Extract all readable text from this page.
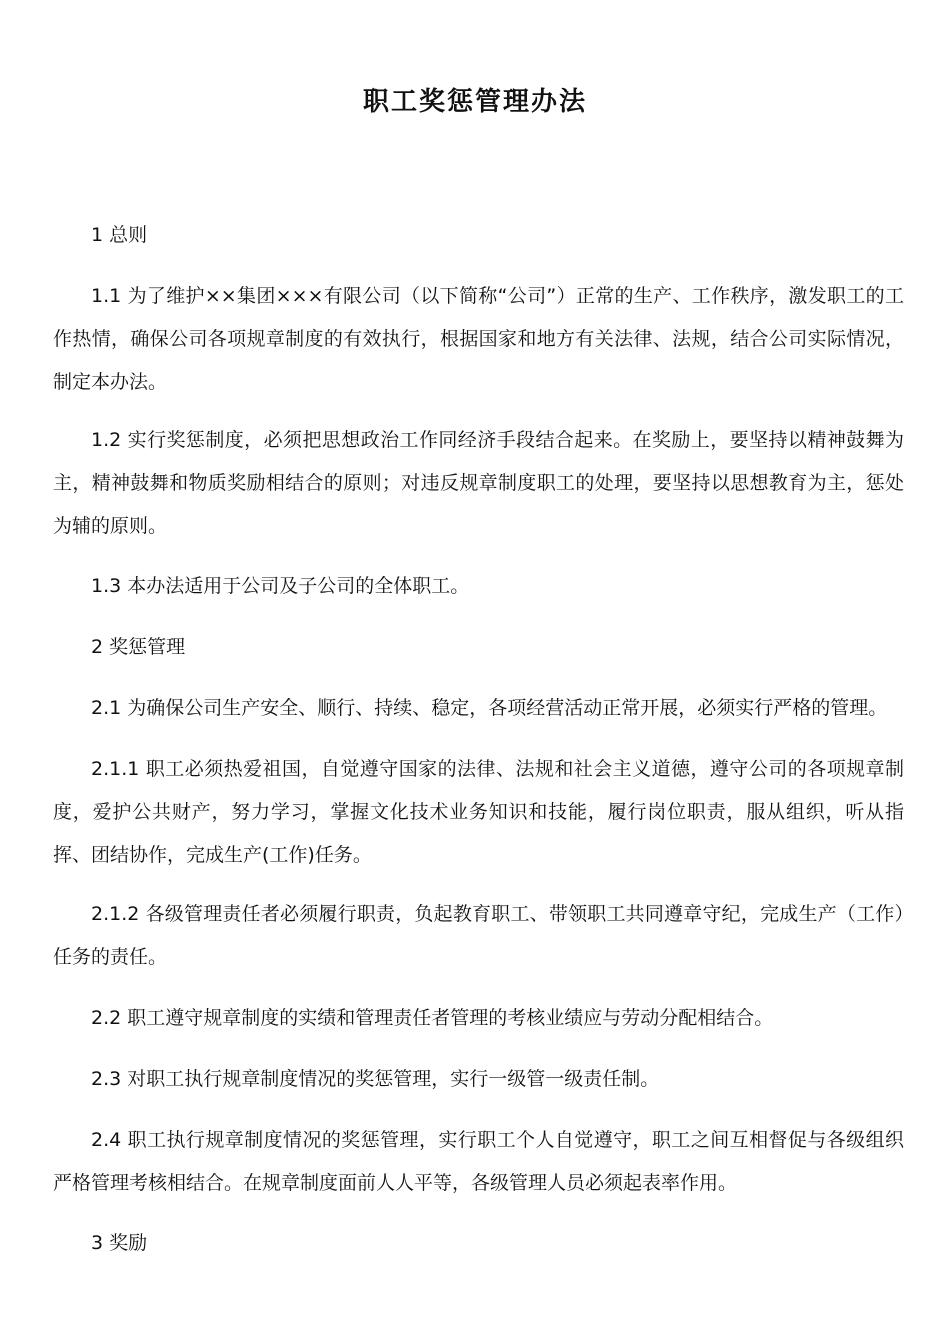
职工奖惩管理办法

1 总则

1.1 为了维护××集团×××有限公司（以下简称“公司”）正常的生产、工作秩序，激发职工的工作热情，确保公司各项规章制度的有效执行，根据国家和地方有关法律、法规，结合公司实际情况，制定本办法。

1.2 实行奖惩制度，必须把思想政治工作同经济手段结合起来。在奖励上，要坚持以精神鼓舞为主，精神鼓舞和物质奖励相结合的原则；对违反规章制度职工的处理，要坚持以思想教育为主，惩处为辅的原则。

1.3 本办法适用于公司及子公司的全体职工。

2 奖惩管理

2.1 为确保公司生产安全、顺行、持续、稳定，各项经营活动正常开展，必须实行严格的管理。

2.1.1 职工必须热爱祖国，自觉遵守国家的法律、法规和社会主义道德，遵守公司的各项规章制度，爱护公共财产，努力学习，掌握文化技术业务知识和技能，履行岗位职责，服从组织，听从指挥、团结协作，完成生产(工作)任务。

2.1.2 各级管理责任者必须履行职责，负起教育职工、带领职工共同遵章守纪，完成生产（工作）任务的责任。

2.2 职工遵守规章制度的实绩和管理责任者管理的考核业绩应与劳动分配相结合。

2.3 对职工执行规章制度情况的奖惩管理，实行一级管一级责任制。

2.4 职工执行规章制度情况的奖惩管理，实行职工个人自觉遵守，职工之间互相督促与各级组织严格管理考核相结合。在规章制度面前人人平等，各级管理人员必须起表率作用。

3 奖励
